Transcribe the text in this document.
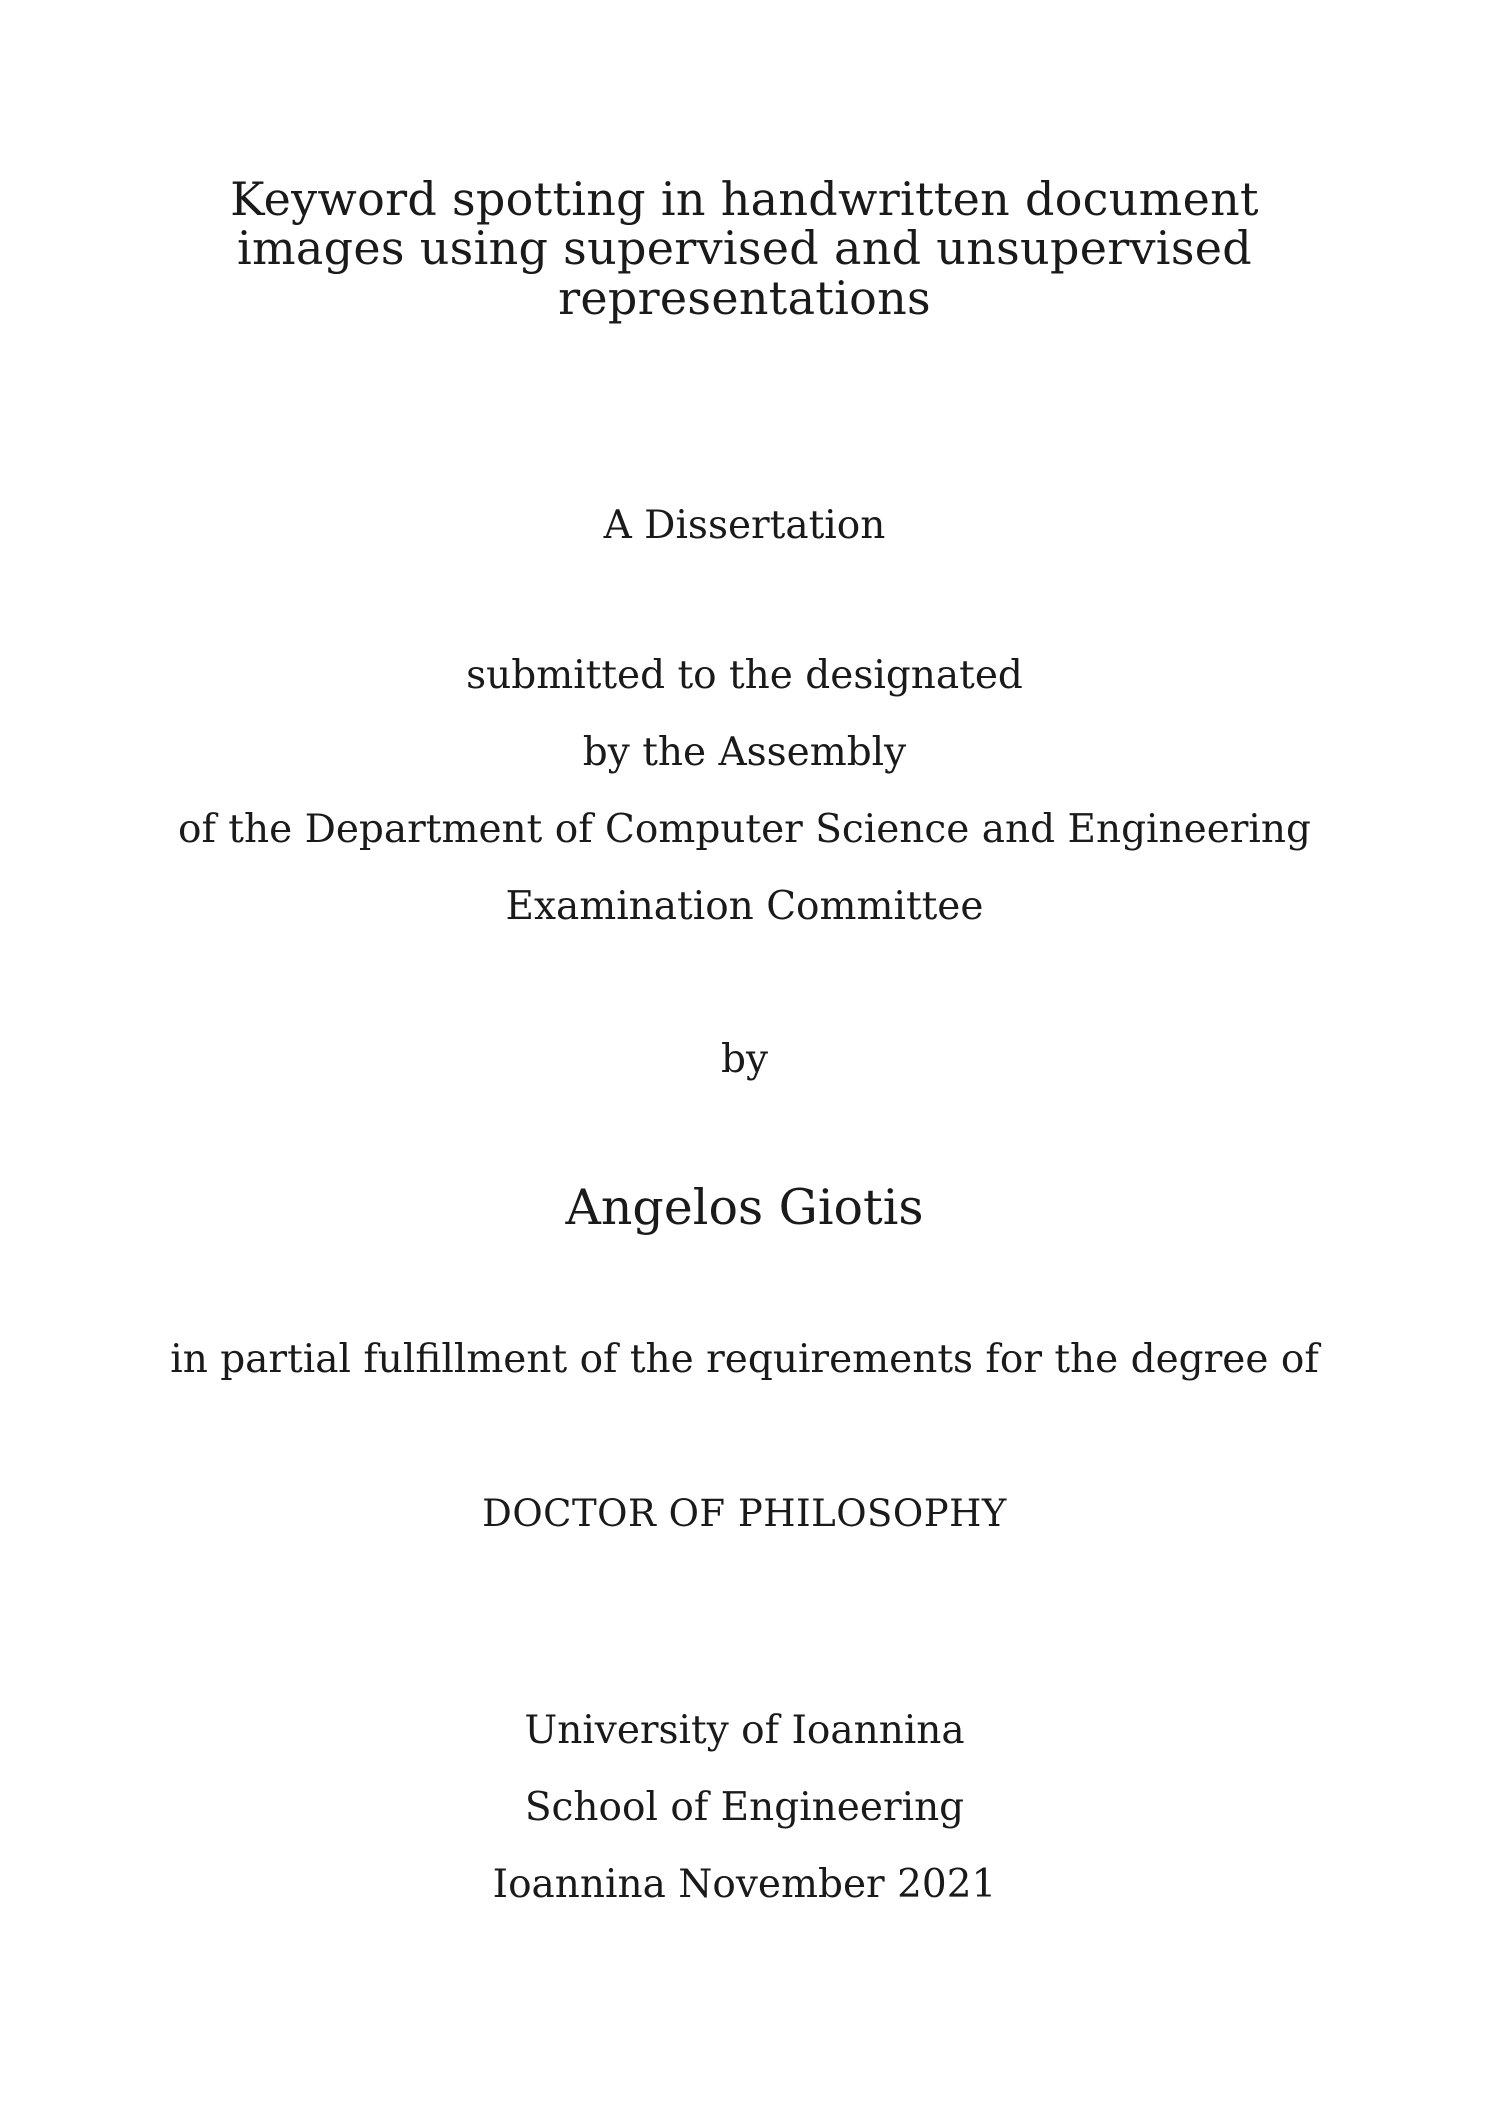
Keyword spotting in handwritten document
images using supervised and unsupervised
representations
A Dissertation
submitted to the designated
by the Assembly
of the Department of Computer Science and Engineering
Examination Committee
by
Angelos Giotis
in partial fulfillment of the requirements for the degree of
DOCTOR OF PHILOSOPHY
University of Ioannina
School of Engineering
Ioannina November 2021
